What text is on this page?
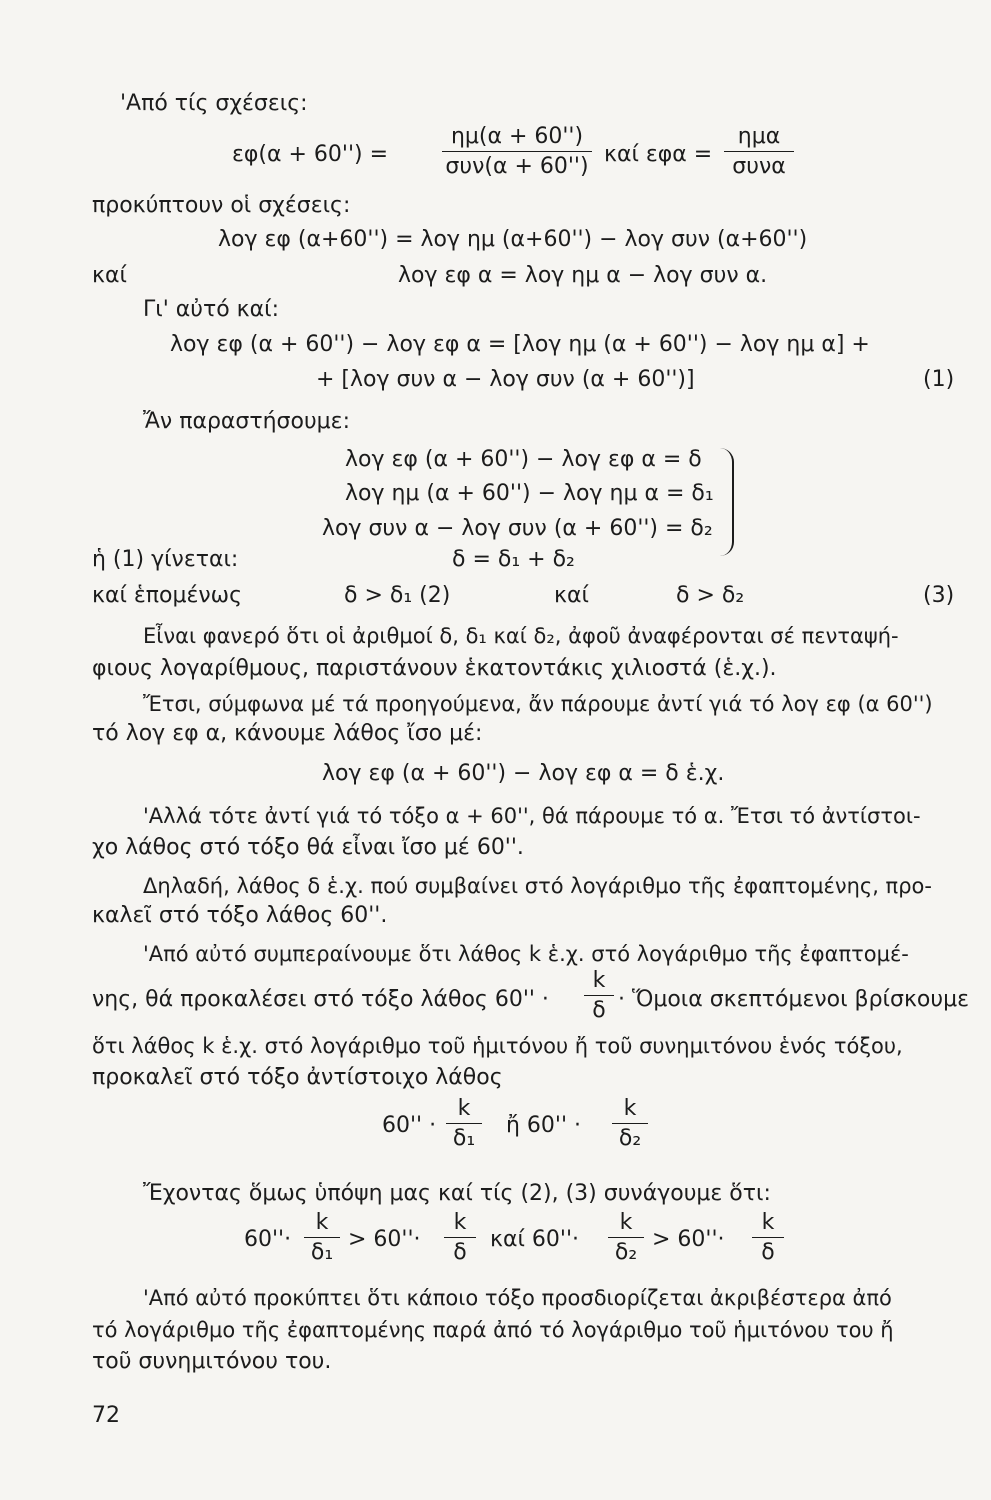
'Από τίς σχέσεις:
εφ(α + 60'') =
ημ(α + 60'')
συν(α + 60'') καί εφα =
ημα
συνα
προκύπτουν οἱ σχέσεις:
λογ εφ (α+60'') = λογ ημ (α+60'') − λογ συν (α+60'')
καί	λογ εφ α = λογ ημ α − λογ συν α.
Γι' αὐτό καί:
λογ εφ (α + 60'') − λογ εφ α = [λογ ημ (α + 60'') − λογ ημ α] +
+ [λογ συν α − λογ συν (α + 60'')]	(1)
Ἄν παραστήσουμε:
λογ εφ (α + 60'') − λογ εφ α = δ
λογ ημ (α + 60'') − λογ ημ α = δ₁
λογ συν α − λογ συν (α + 60'') = δ₂
ἡ (1) γίνεται:	δ = δ₁ + δ₂
καί ἑπομένως	δ > δ₁ (2)	καί	δ > δ₂	(3)
Εἶναι φανερό ὅτι οἱ ἀριθμοί δ, δ₁ καί δ₂, ἀφοῦ ἀναφέρονται σέ πενταψή-
φιους λογαρίθμους, παριστάνουν ἑκατοντάκις χιλιοστά (ἑ.χ.).
Ἔτσι, σύμφωνα μέ τά προηγούμενα, ἄν πάρουμε ἀντί γιά τό λογ εφ (α 60'')
τό λογ εφ α, κάνουμε λάθος ἴσο μέ:
λογ εφ (α + 60'') − λογ εφ α = δ ἑ.χ.
'Αλλά τότε ἀντί γιά τό τόξο α + 60'', θά πάρουμε τό α. Ἔτσι τό ἀντίστοι-
χο λάθος στό τόξο θά εἶναι ἴσο μέ 60''.
Δηλαδή, λάθος δ ἑ.χ. πού συμβαίνει στό λογάριθμο τῆς ἐφαπτομένης, προ-
καλεῖ στό τόξο λάθος 60''.
'Από αὐτό συμπεραίνουμε ὅτι λάθος k ἑ.χ. στό λογάριθμο τῆς ἐφαπτομέ-
νης, θά προκαλέσει στό τόξο λάθος 60'' ·
k
δ · Ὅμοια σκεπτόμενοι βρίσκουμε
ὅτι λάθος k ἑ.χ. στό λογάριθμο τοῦ ἡμιτόνου ἤ τοῦ συνημιτόνου ἑνός τόξου,
προκαλεῖ στό τόξο ἀντίστοιχο λάθος
60'' ·
k
δ₁
ἤ 60'' ·
k
δ₂
Ἔχοντας ὅμως ὑπόψη μας καί τίς (2), (3) συνάγουμε ὅτι:
60''·
k
δ₁
> 60''·
k
δ
καί 60''·
k
δ₂
> 60''·
k
δ
'Από αὐτό προκύπτει ὅτι κάποιο τόξο προσδιορίζεται ἀκριβέστερα ἀπό
τό λογάριθμο τῆς ἐφαπτομένης παρά ἀπό τό λογάριθμο τοῦ ἡμιτόνου του ἤ
τοῦ συνημιτόνου του.
72
